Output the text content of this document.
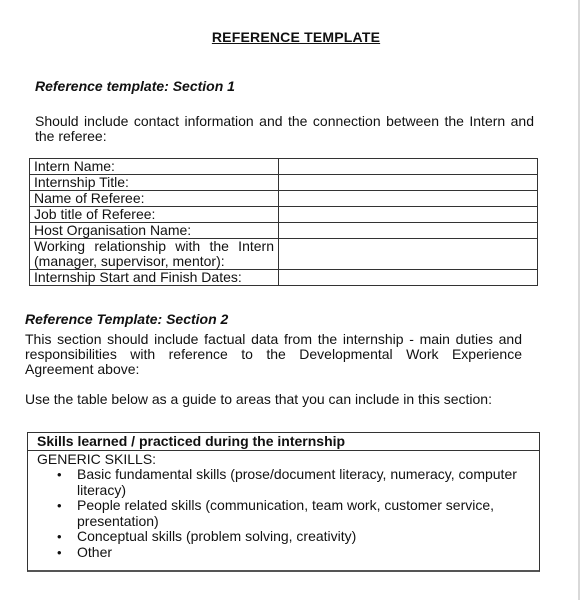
REFERENCE TEMPLATE
Reference template: Section 1
Should include contact information and the connection between the Intern and the referee:
Intern Name:	
Internship Title:	
Name of Referee:	
Job title of Referee:	
Host Organisation Name:	
Working relationship with the Intern (manager, supervisor, mentor):	
Internship Start and Finish Dates:	
Reference Template: Section 2
This section should include factual data from the internship - main duties and responsibilities with reference to the Developmental Work Experience Agreement above:
Use the table below as a guide to areas that you can include in this section:
Skills learned / practiced during the internship
GENERIC SKILLS:
• Basic fundamental skills (prose/document literacy, numeracy, computer literacy)
• People related skills (communication, team work, customer service, presentation)
• Conceptual skills (problem solving, creativity)
• Other
